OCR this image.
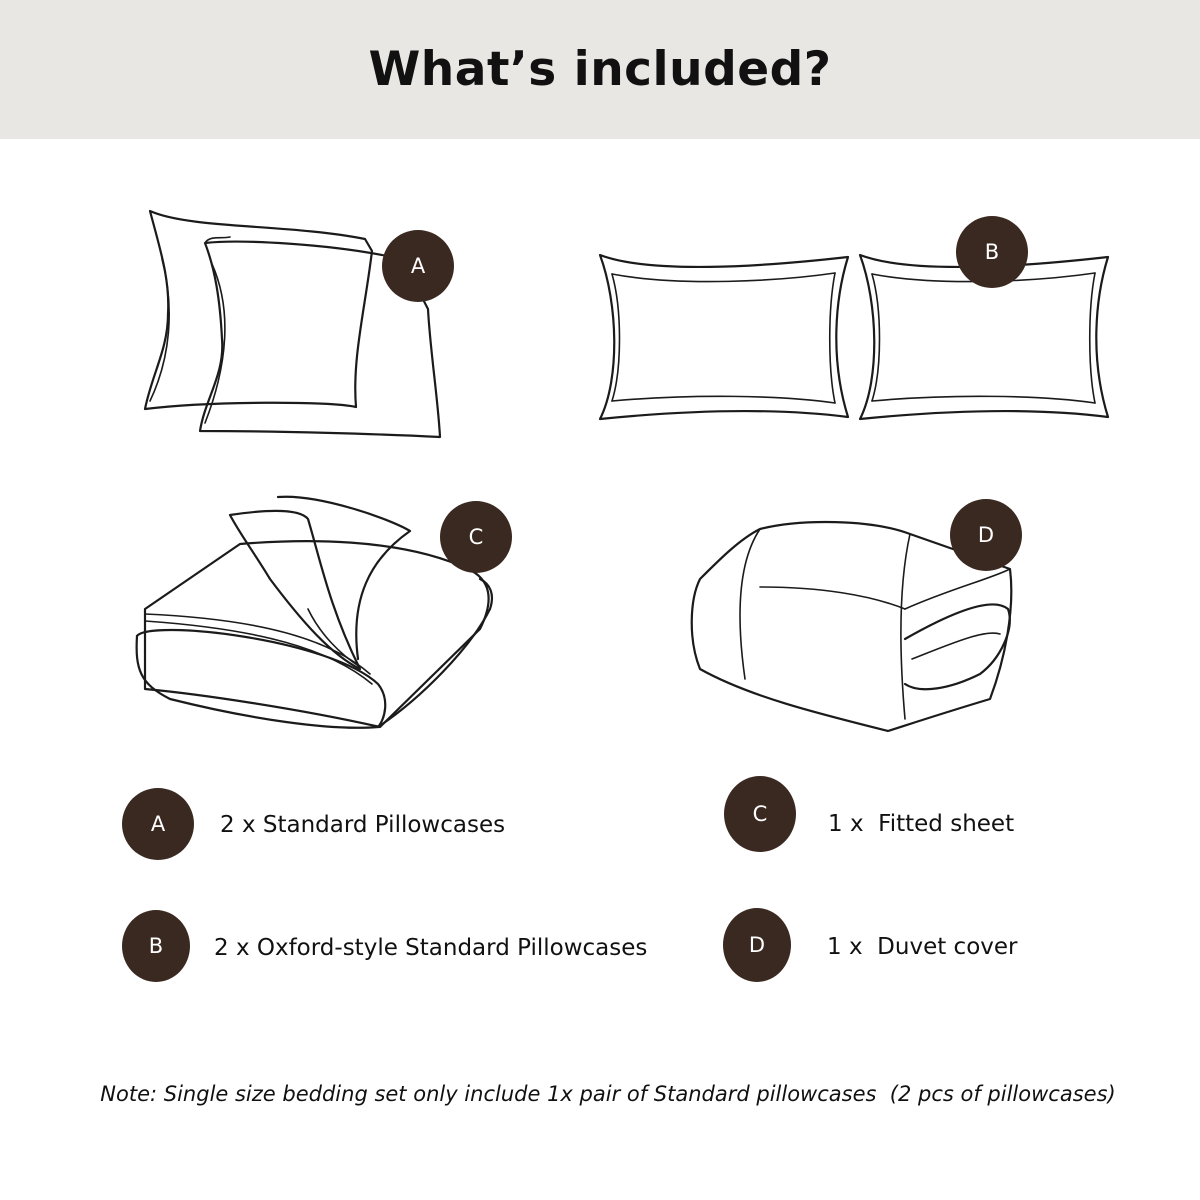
What’s included?
A
B
C	D
A	2 x Standard Pillowcases
B	2 x Oxford-style Standard Pillowcases
C	1 x  Fitted sheet
D	1 x  Duvet cover
Note: Single size bedding set only include 1x pair of Standard pillowcases  (2 pcs of pillowcases)
